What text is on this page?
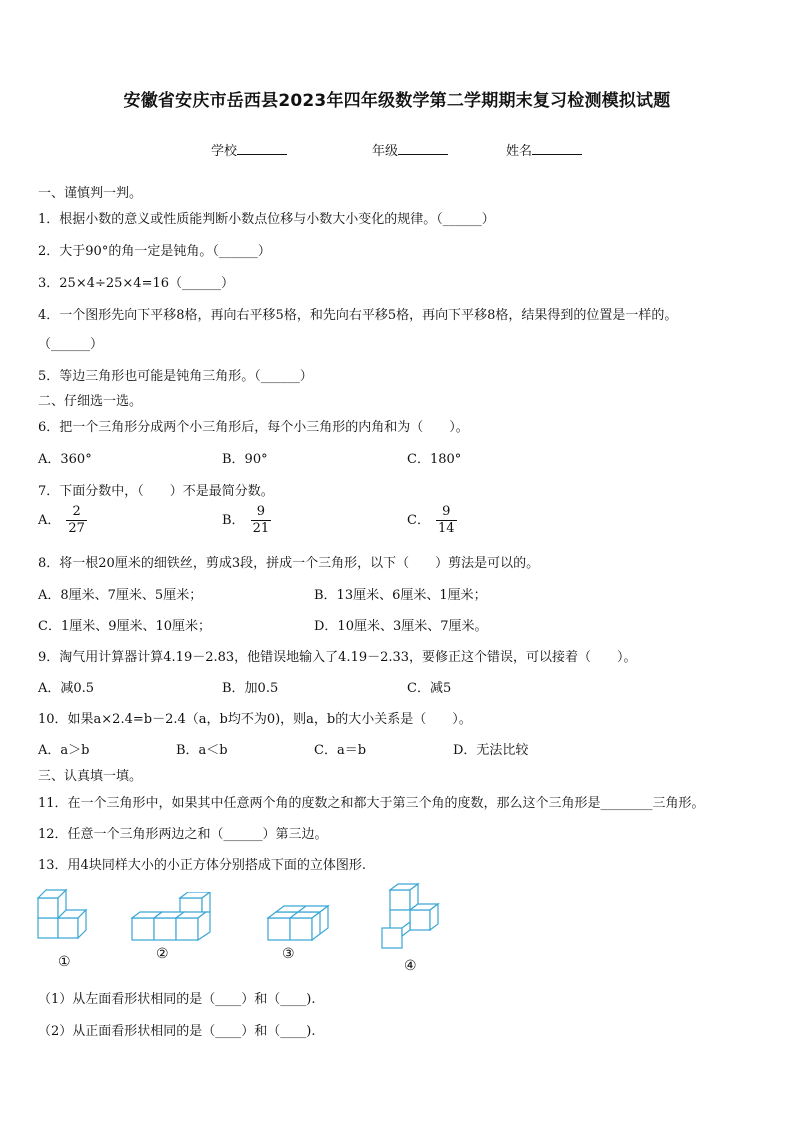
安徽省安庆市岳西县2023年四年级数学第二学期期末复习检测模拟试题
学校	年级	姓名
一、谨慎判一判。
1．根据小数的意义或性质能判断小数点位移与小数大小变化的规律。（______）
2．大于90°的角一定是钝角。（______）
3．25×4÷25×4=16（______）
4．一个图形先向下平移8格，再向右平移5格，和先向右平移5格，再向下平移8格，结果得到的位置是一样的。
（______）
5．等边三角形也可能是钝角三角形。（______）
二、仔细选一选。
6．把一个三角形分成两个小三角形后，每个小三角形的内角和为（　　）。
A．360°	B．90°	C．180°
7．下面分数中，（　　）不是最简分数。
A． $\frac{2}{27}$	B． $\frac{9}{21}$	C． $\frac{9}{14}$
8．将一根20厘米的细铁丝，剪成3段，拼成一个三角形，以下（　　）剪法是可以的。
A．8厘米、7厘米、5厘米；	B．13厘米、6厘米、1厘米；
C．1厘米、9厘米、10厘米；	D．10厘米、3厘米、7厘米。
9．淘气用计算器计算4.19－2.83，他错误地输入了4.19－2.33，要修正这个错误，可以接着（　　）。
A．减0.5	B．加0.5	C．减5
10．如果a×2.4=b－2.4（a，b均不为0)，则a，b的大小关系是（　　）。
A．a＞b	B．a＜b	C．a＝b	D．无法比较
三、认真填一填。
11．在一个三角形中，如果其中任意两个角的度数之和都大于第三个角的度数，那么这个三角形是________三角形。
12．任意一个三角形两边之和（______）第三边。
13．用4块同样大小的小正方体分别搭成下面的立体图形.
①	②	③
④
（1）从左面看形状相同的是（____）和（____).
（2）从正面看形状相同的是（____）和（____).
